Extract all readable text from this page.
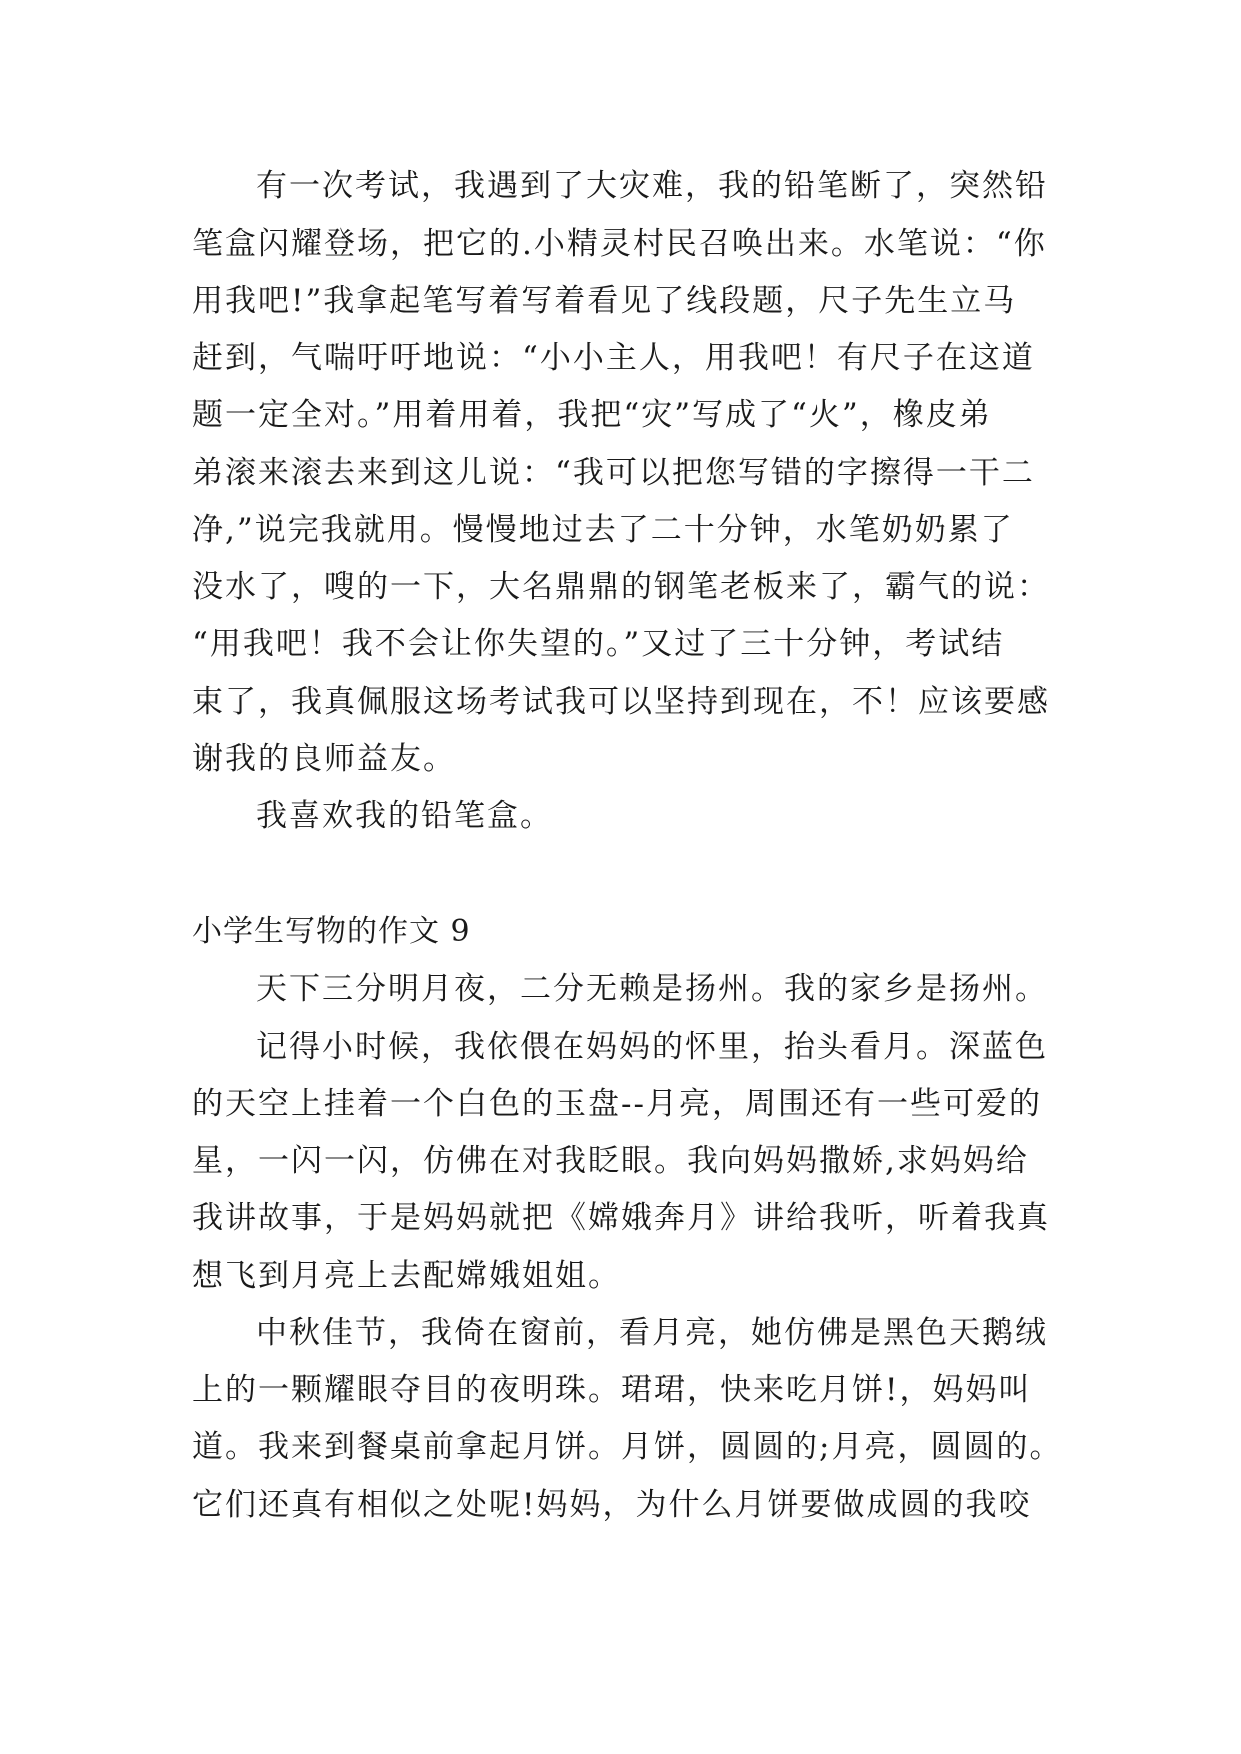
有一次考试，我遇到了大灾难，我的铅笔断了，突然铅
笔盒闪耀登场，把它的.小精灵村民召唤出来。水笔说：“你
用我吧!”我拿起笔写着写着看见了线段题，尺子先生立马
赶到，气喘吁吁地说：“小小主人，用我吧！有尺子在这道
题一定全对。”用着用着，我把“灾”写成了“火”，橡皮弟
弟滚来滚去来到这儿说：“我可以把您写错的字擦得一干二
净,”说完我就用。慢慢地过去了二十分钟，水笔奶奶累了
没水了，嗖的一下，大名鼎鼎的钢笔老板来了，霸气的说：
“用我吧！我不会让你失望的。”又过了三十分钟，考试结
束了，我真佩服这场考试我可以坚持到现在，不！应该要感
谢我的良师益友。
我喜欢我的铅笔盒。
小学生写物的作文 9
天下三分明月夜，二分无赖是扬州。我的家乡是扬州。
记得小时候，我依偎在妈妈的怀里，抬头看月。深蓝色
的天空上挂着一个白色的玉盘--月亮，周围还有一些可爱的
星，一闪一闪，仿佛在对我眨眼。我向妈妈撒娇,求妈妈给
我讲故事，于是妈妈就把《嫦娥奔月》讲给我听，听着我真
想飞到月亮上去配嫦娥姐姐。
中秋佳节，我倚在窗前，看月亮，她仿佛是黑色天鹅绒
上的一颗耀眼夺目的夜明珠。珺珺，快来吃月饼!，妈妈叫
道。我来到餐桌前拿起月饼。月饼，圆圆的;月亮，圆圆的。
它们还真有相似之处呢!妈妈，为什么月饼要做成圆的我咬
